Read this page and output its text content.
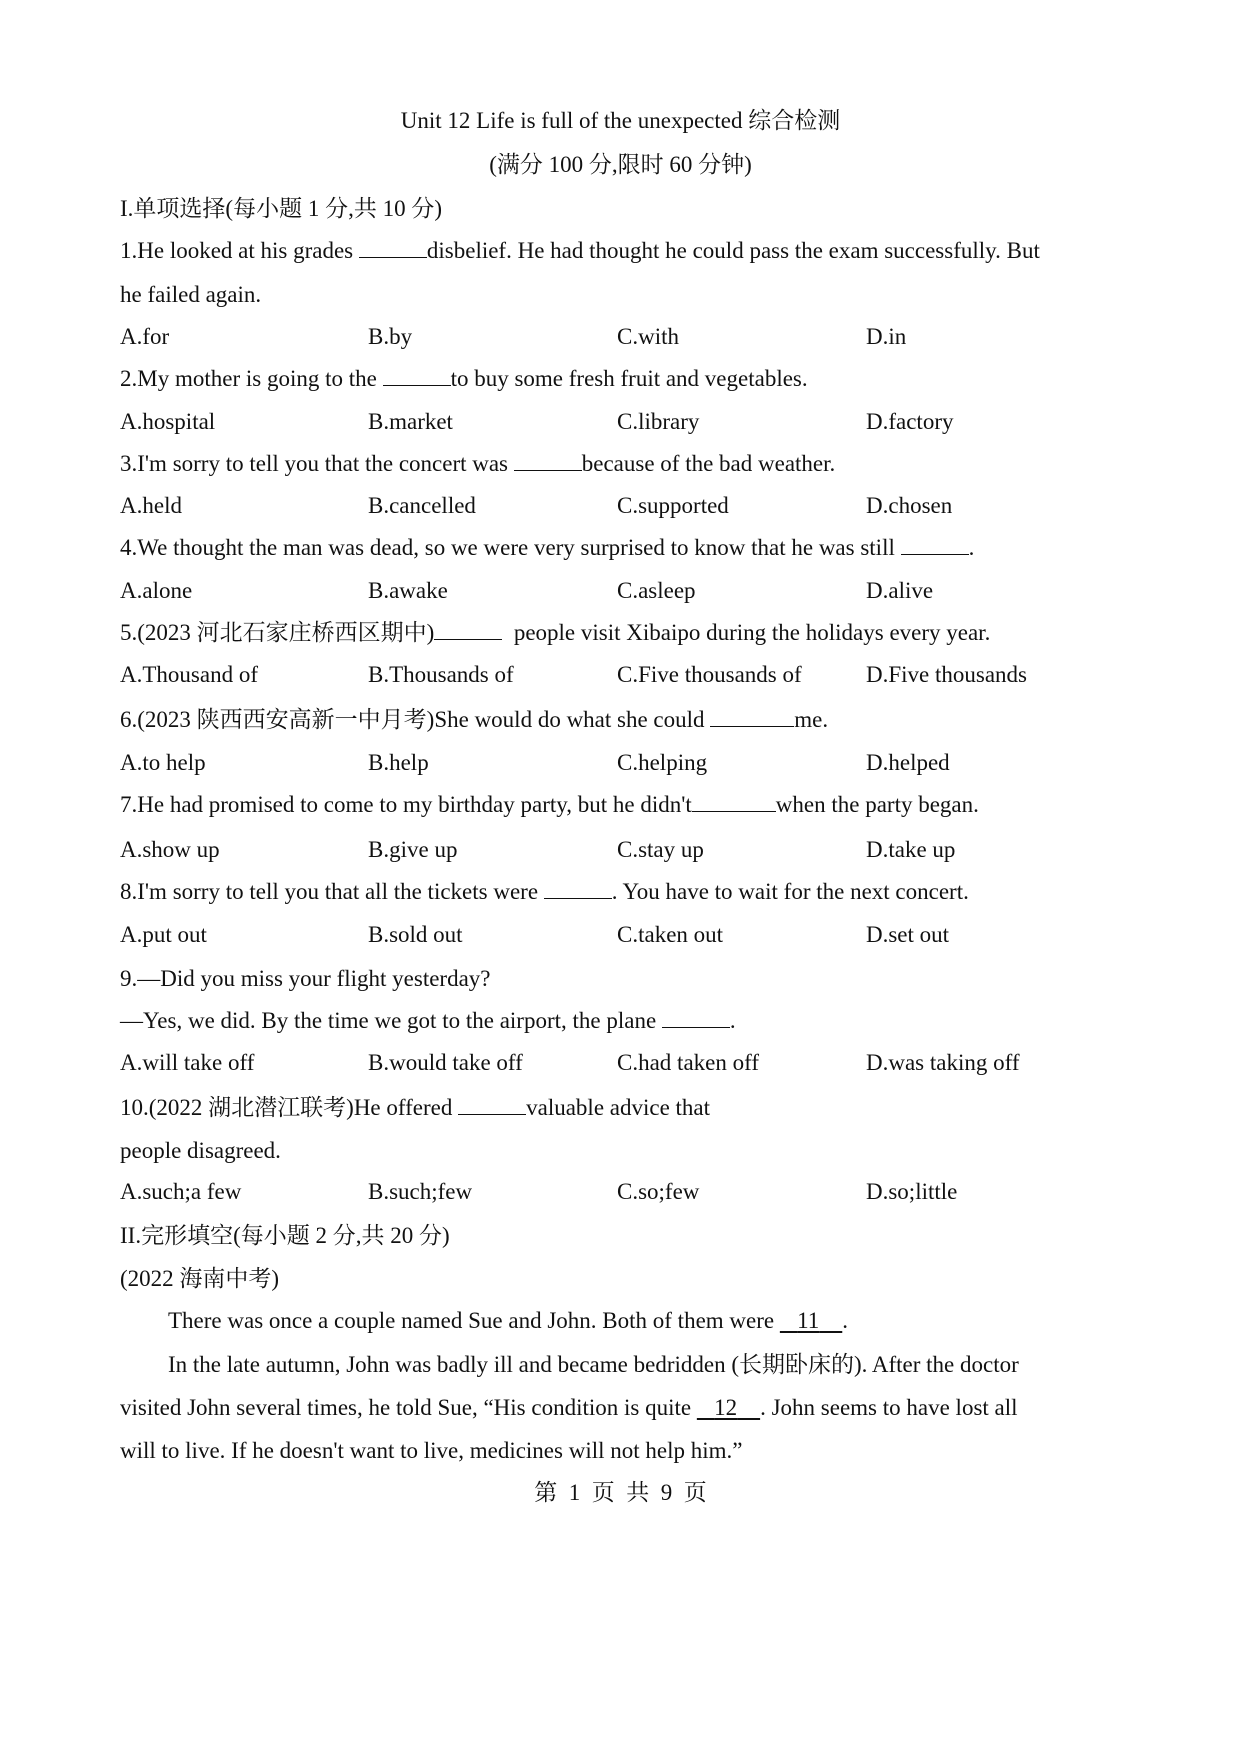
Unit 12 Life is full of the unexpected 综合检测
(满分 100 分,限时 60 分钟)
I.单项选择(每小题 1 分,共 10 分)
1.He looked at his grades	disbelief. He had thought he could pass the exam successfully. But
he failed again.
A.for	B.by	C.with	D.in
2.My mother is going to the	to buy some fresh fruit and vegetables.
A.hospital	B.market	C.library	D.factory
3.I'm sorry to tell you that the concert was	because of the bad weather.
A.held	B.cancelled	C.supported	D.chosen
4.We thought the man was dead, so we were very surprised to know that he was still	.
A.alone	B.awake	C.asleep	D.alive
5.(2023 河北石家庄桥西区期中)	people visit Xibaipo during the holidays every year.
A.Thousand of	B.Thousands of	C.Five thousands of	D.Five thousands
6.(2023 陕西西安高新一中月考)She would do what she could	me.
A.to help	B.help	C.helping	D.helped
7.He had promised to come to my birthday party, but he didn't	when the party began.
A.show up	B.give up	C.stay up	D.take up
8.I'm sorry to tell you that all the tickets were	. You have to wait for the next concert.
A.put out	B.sold out	C.taken out	D.set out
9.—Did you miss your flight yesterday?
—Yes, we did. By the time we got to the airport, the plane	.
A.will take off	B.would take off	C.had taken off	D.was taking off
10.(2022 湖北潜江联考)He offered	valuable advice that
people disagreed.
A.such;a few	B.such;few	C.so;few	D.so;little
II.完形填空(每小题 2 分,共 20 分)
(2022 海南中考)
There was once a couple named Sue and John. Both of them were    11 .
In the late autumn, John was badly ill and became bedridden (长期卧床的). After the doctor
visited John several times, he told Sue, “His condition is quite    12 . John seems to have lost all
will to live. If he doesn't want to live, medicines will not help him.”
第  1  页  共  9  页
